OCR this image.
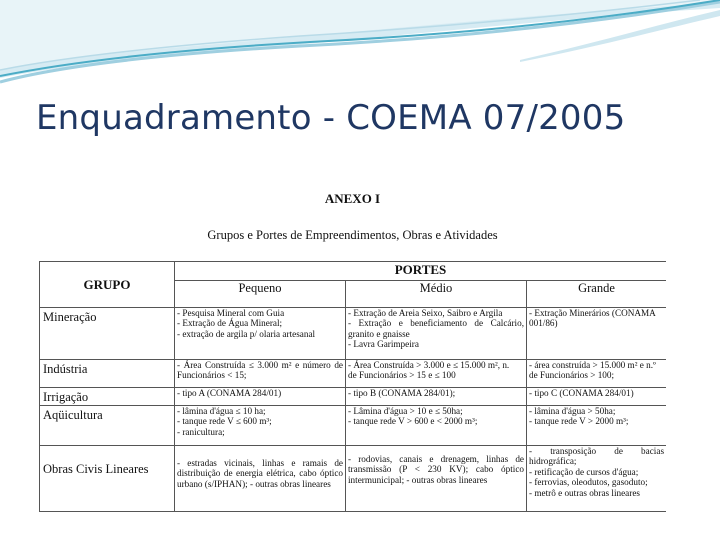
Enquadramento - COEMA 07/2005
ANEXO I
Grupos e Portes de Empreendimentos, Obras e Atividades
GRUPO	PORTES		
	Pequeno	Médio	Grande
Mineração	- Pesquisa Mineral com Guia
- Extração de Água Mineral;
- extração de argila p/ olaria artesanal	- Extração de Areia Seixo, Saibro e Argila
- Extração e beneficiamento de Calcário,
granito e gnaisse
- Lavra Garimpeira	- Extração Minerários (CONAMA
001/86)

Indústria	- Área Construída ≤ 3.000 m² e número de
Funcionários < 15;	- Área Construída > 3.000 e ≤ 15.000 m², n.
de Funcionários > 15 e ≤ 100	- área construída > 15.000 m² e n.º
de Funcionários > 100;

Irrigação	- tipo A (CONAMA 284/01)	- tipo B (CONAMA 284/01);	- tipo C (CONAMA 284/01)

Aqüicultura	- lâmina d'água ≤ 10 ha;
- tanque rede V ≤ 600 m³;
- ranicultura;	- Lâmina d'água > 10 e ≤ 50ha;
- tanque rede V > 600 e < 2000 m³;	- lâmina d'água > 50ha;
- tanque rede V > 2000 m³;

Obras Civis Lineares	- estradas vicinais, linhas e ramais de
distribuição de energia elétrica, cabo óptico
urbano (s/IPHAN); - outras obras lineares	- rodovias, canais e drenagem, linhas de
transmissão (P < 230 KV); cabo óptico
intermunicipal; - outras obras lineares	- transposição de bacias
hidrográfica;
- retificação de cursos d'água;
- ferrovias, oleodutos, gasoduto;
- metrô e outras obras lineares
